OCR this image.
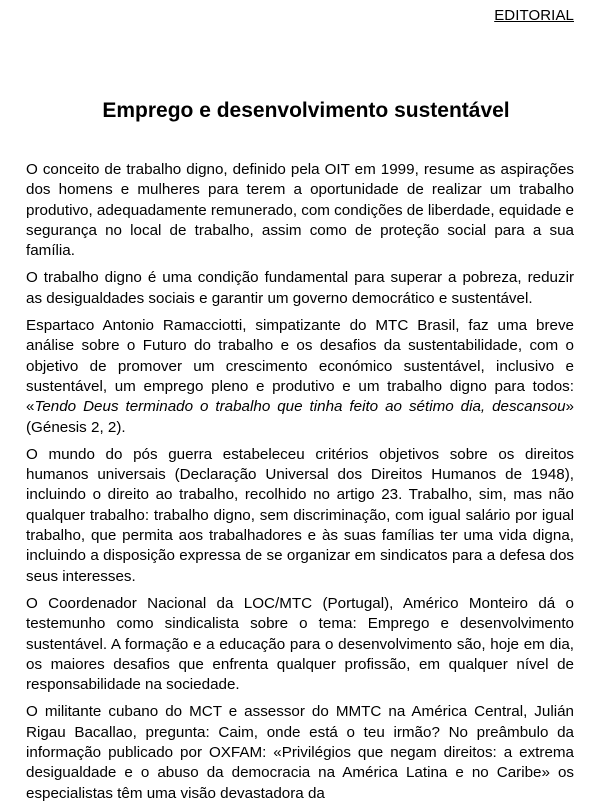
EDITORIAL
Emprego e desenvolvimento sustentável

O conceito de trabalho digno, definido pela OIT em 1999, resume as aspirações dos homens e mulheres para terem a oportunidade de realizar um trabalho produtivo, adequadamente remunerado, com condições de liberdade, equidade e segurança no local de trabalho, assim como de proteção social para a sua família.

O trabalho digno é uma condição fundamental para superar a pobreza, reduzir as desigualdades sociais e garantir um governo democrático e sustentável.

Espartaco Antonio Ramacciotti, simpatizante do MTC Brasil, faz uma breve análise sobre o Futuro do trabalho e os desafios da sustentabilidade, com o objetivo de promover um crescimento económico sustentável, inclusivo e sustentável, um emprego pleno e produtivo e um trabalho digno para todos: «Tendo Deus terminado o trabalho que tinha feito ao sétimo dia, descansou» (Génesis 2, 2).

O mundo do pós guerra estabeleceu critérios objetivos sobre os direitos humanos universais (Declaração Universal dos Direitos Humanos de 1948), incluindo o direito ao trabalho, recolhido no artigo 23. Trabalho, sim, mas não qualquer trabalho: trabalho digno, sem discriminação, com igual salário por igual trabalho, que permita aos trabalhadores e às suas famílias ter uma vida digna, incluindo a disposição expressa de se organizar em sindicatos para a defesa dos seus interesses.

O Coordenador Nacional da LOC/MTC (Portugal), Américo Monteiro dá o testemunho como sindicalista sobre o tema: Emprego e desenvolvimento sustentável. A formação e a educação para o desenvolvimento são, hoje em dia, os maiores desafios que enfrenta qualquer profissão, em qualquer nível de responsabilidade na sociedade.

O militante cubano do MCT e assessor do MMTC na América Central, Julián Rigau Bacallao, pregunta: Caim, onde está o teu irmão? No preâmbulo da informação publicado por OXFAM: «Privilégios que negam direitos: a extrema desigualdade e o abuso da democracia na América Latina e no Caribe» os especialistas têm uma visão devastadora da
